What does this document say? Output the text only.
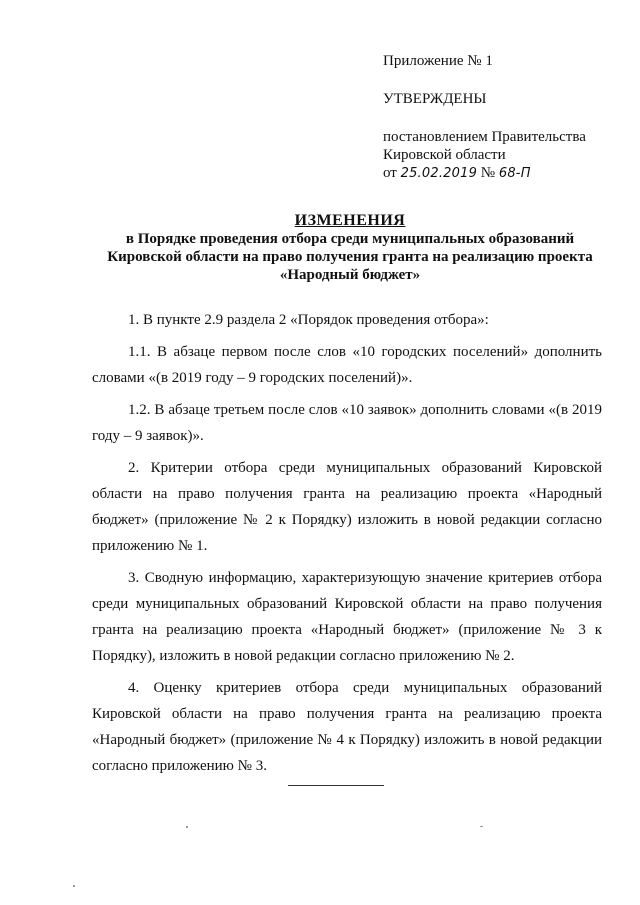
Приложение № 1
УТВЕРЖДЕНЫ
постановлением Правительства
Кировской области
от 25.02.2019 № 68-П
ИЗМЕНЕНИЯ
в Порядке проведения отбора среди муниципальных образований
Кировской области на право получения гранта на реализацию проекта
«Народный бюджет»

1. В пункте 2.9 раздела 2 «Порядок проведения отбора»:

1.1. В абзаце первом после слов «10 городских поселений» дополнить словами «(в 2019 году – 9 городских поселений)».

1.2. В абзаце третьем после слов «10 заявок» дополнить словами «(в 2019 году – 9 заявок)».

2. Критерии отбора среди муниципальных образований Кировской области на право получения гранта на реализацию проекта «Народный бюджет» (приложение № 2 к Порядку) изложить в новой редакции согласно приложению № 1.

3. Сводную информацию, характеризующую значение критериев отбора среди муниципальных образований Кировской области на право получения гранта на реализацию проекта «Народный бюджет» (приложение № 3 к Порядку), изложить в новой редакции согласно приложению № 2.

4. Оценку критериев отбора среди муниципальных образований Кировской области на право получения гранта на реализацию проекта «Народный бюджет» (приложение № 4 к Порядку) изложить в новой редакции согласно приложению № 3.
